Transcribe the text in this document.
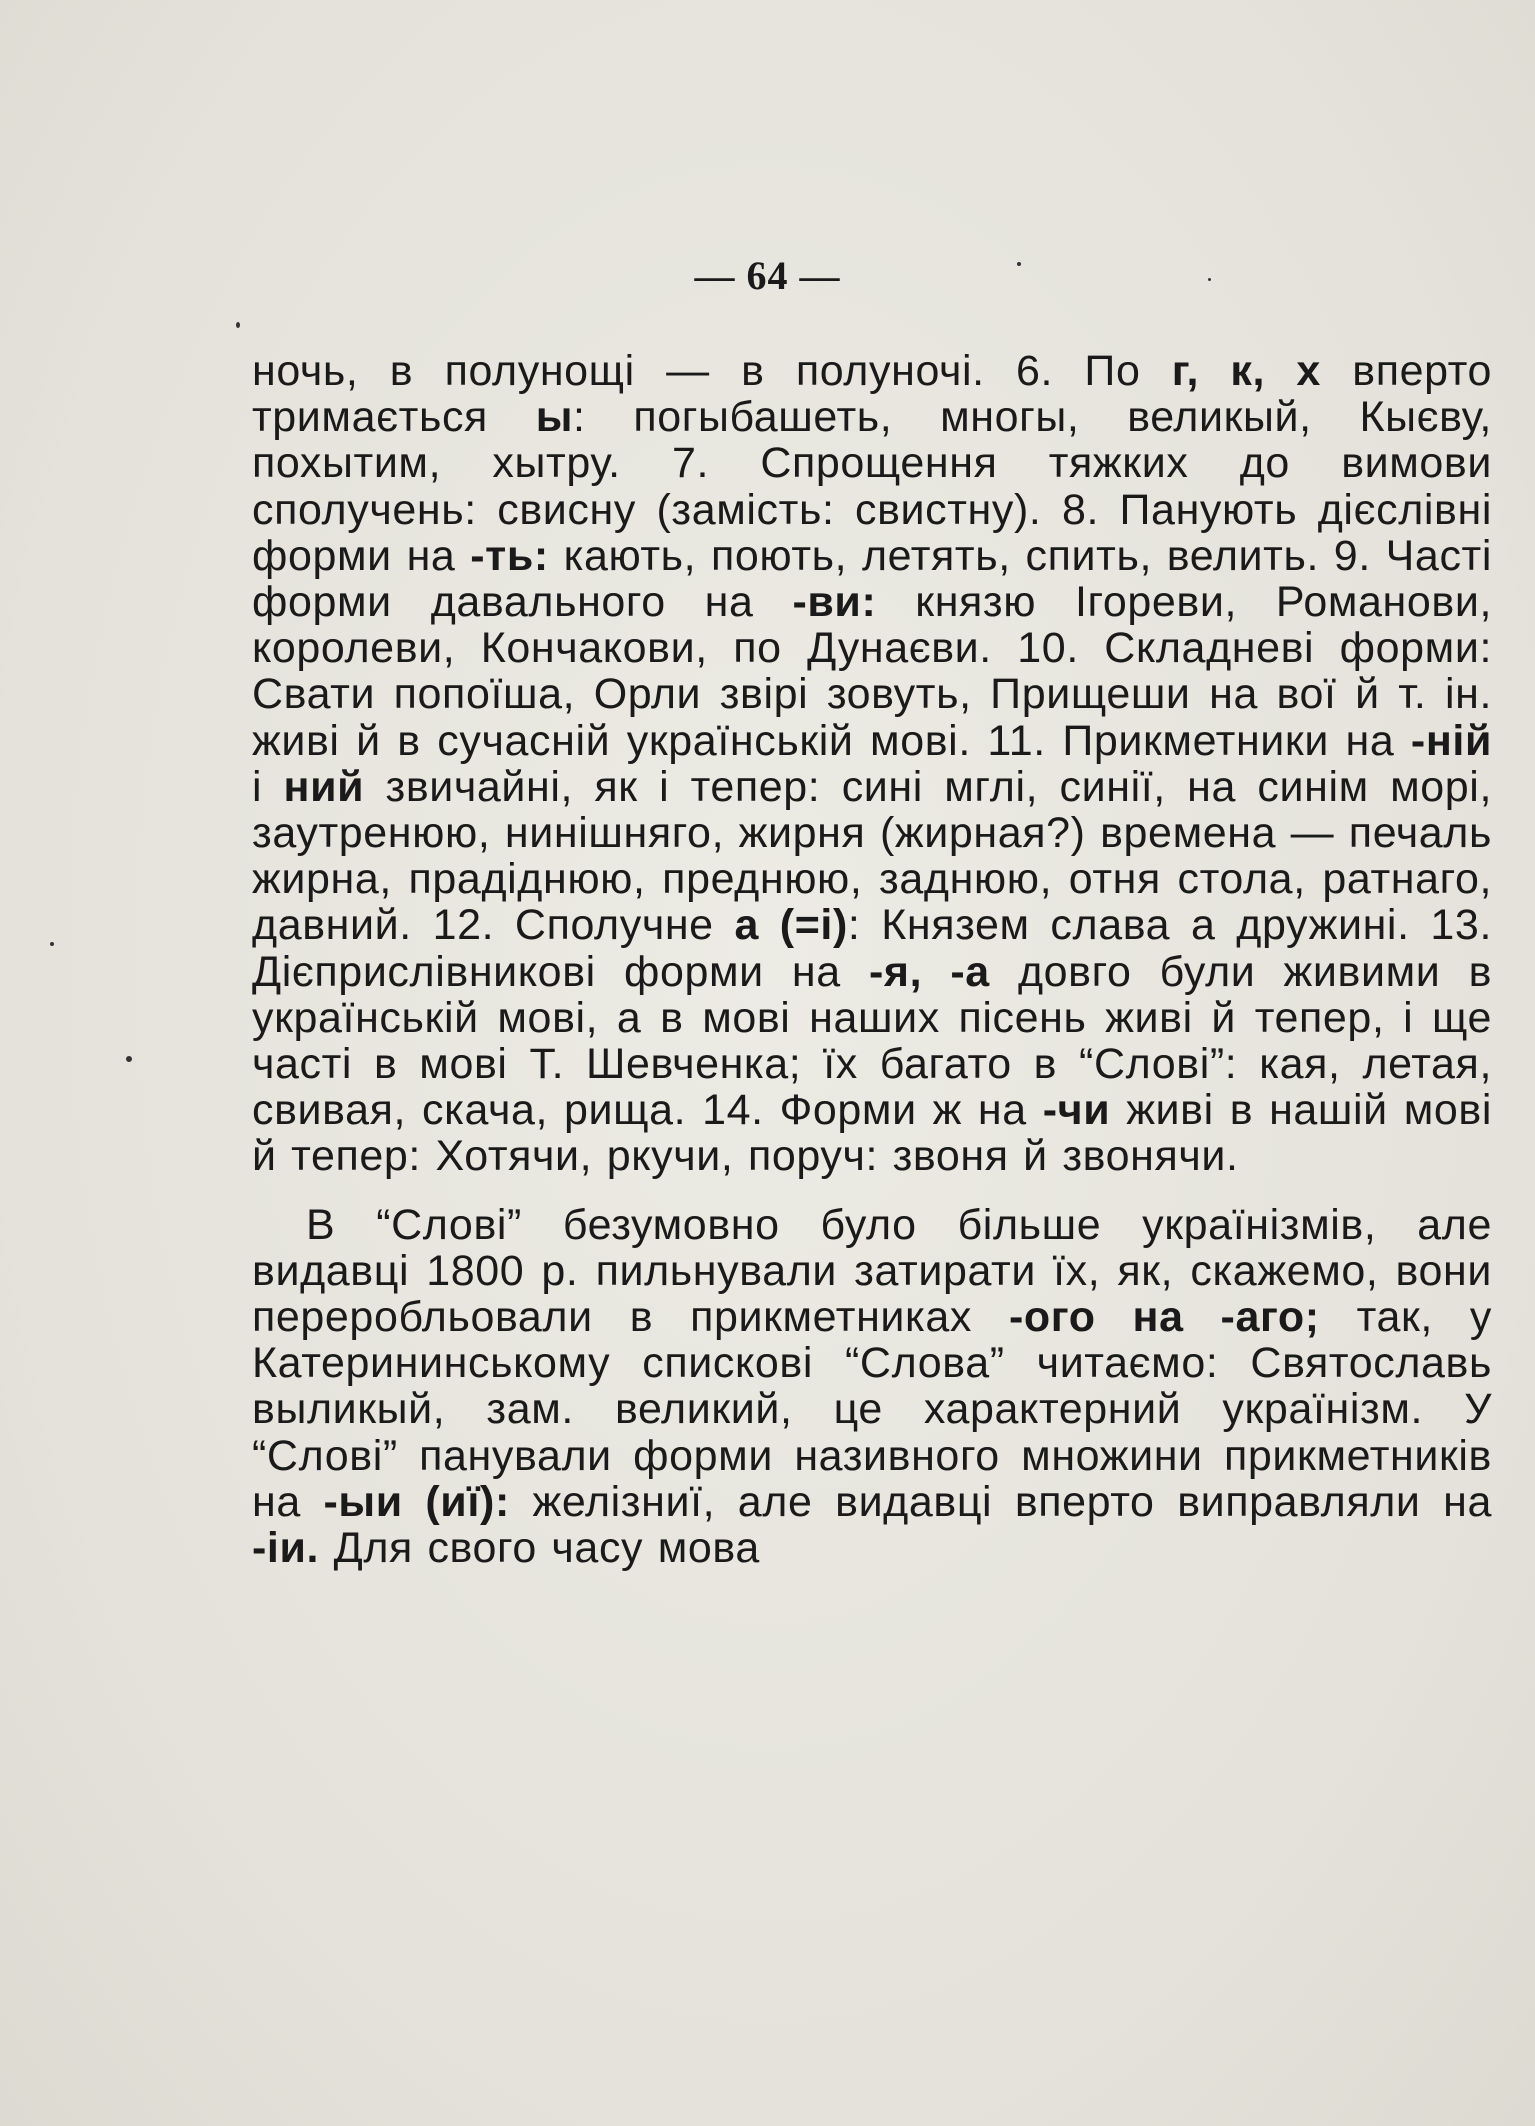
— 64 —

ночь, в полунощі — в полуночі. 6. По г, к, х вперто тримається ы: погыбашеть, многы, великый, Кыєву, похытим, хытру. 7. Спрощення тяжких до вимови сполучень: свисну (замість: свистну). 8. Панують дієслівні форми на -ть: кають, поють, летять, спить, велить. 9. Часті форми давального на -ви: князю Ігореви, Романови, королеви, Кончакови, по Дунаєви. 10. Складневі форми: Свати попоїша, Орли звірі зовуть, Прищеши на вої й т. ін. живі й в сучасній українській мові. 11. Прикметники на -ній і ний звичайні, як і тепер: сині мглі, синії, на синім морі, заутренюю, нинішняго, жирня (жирная?) времена — печаль жирна, прадіднюю, преднюю, заднюю, отня стола, ратнаго, давний. 12. Сполучне а (=і): Князем слава а дружині. 13. Дієприслівникові форми на -я, -а довго були живими в українській мові, а в мові наших пісень живі й тепер, і ще часті в мові Т. Шевченка; їх багато в “Слові”: кая, летая, свивая, скача, рища. 14. Форми ж на -чи живі в нашій мові й тепер: Хотячи, ркучи, поруч: звоня й звонячи.

В “Слові” безумовно було більше українізмів, але видавці 1800 р. пильнували затирати їх, як, скажемо, вони переробльовали в прикметниках -ого на -аго; так, у Катерининському спискові “Слова” читаємо: Святославь выликый, зам. великий, це характерний українізм. У “Слові” панували форми називного множини прикметників на -ыи (иї): желізниї, але видавці вперто виправляли на -іи. Для свого часу мова
